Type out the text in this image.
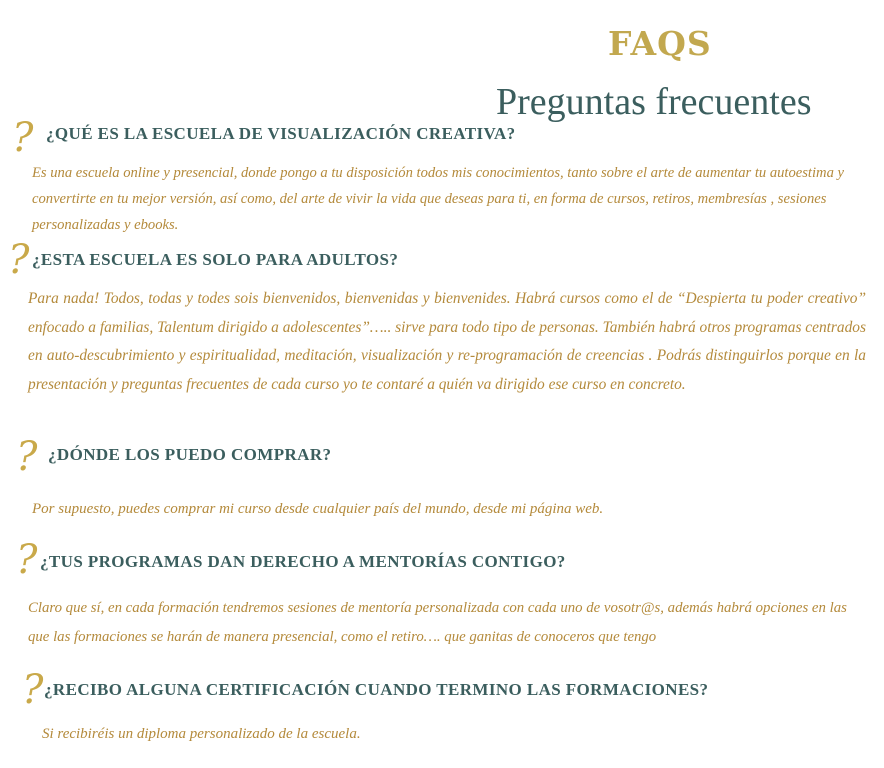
FAQS
Preguntas frecuentes
? ¿QUÉ ES LA ESCUELA DE VISUALIZACIÓN CREATIVA?

Es una escuela online y presencial, donde pongo a tu disposición todos mis conocimientos, tanto sobre el arte de aumentar tu autoestima y convertirte en tu mejor versión, así como, del arte de vivir la vida que deseas para ti, en forma de cursos, retiros, membresías , sesiones personalizadas y ebooks.

? ¿ESTA ESCUELA ES SOLO PARA ADULTOS?

Para nada! Todos, todas y todes sois bienvenidos, bienvenidas y bienvenides. Habrá cursos como el de “Despierta tu poder creativo” enfocado a familias, Talentum dirigido a adolescentes”….. sirve para todo tipo de personas. También habrá otros programas centrados en auto-descubrimiento y espiritualidad, meditación, visualización y re-programación de creencias . Podrás distinguirlos porque en la presentación y preguntas frecuentes de cada curso yo te contaré a quién va dirigido ese curso en concreto.

? ¿DÓNDE LOS PUEDO COMPRAR?

Por supuesto, puedes comprar mi curso desde cualquier país del mundo, desde mi página web.

? ¿TUS PROGRAMAS DAN DERECHO A MENTORÍAS CONTIGO?

Claro que sí, en cada formación tendremos sesiones de mentoría personalizada con cada uno de vosotr@s, además habrá opciones en las que las formaciones se harán de manera presencial, como el retiro…. que ganitas de conoceros que tengo

? ¿RECIBO ALGUNA CERTIFICACIÓN CUANDO TERMINO LAS FORMACIONES?

Si recibiréis un diploma personalizado de la escuela.
